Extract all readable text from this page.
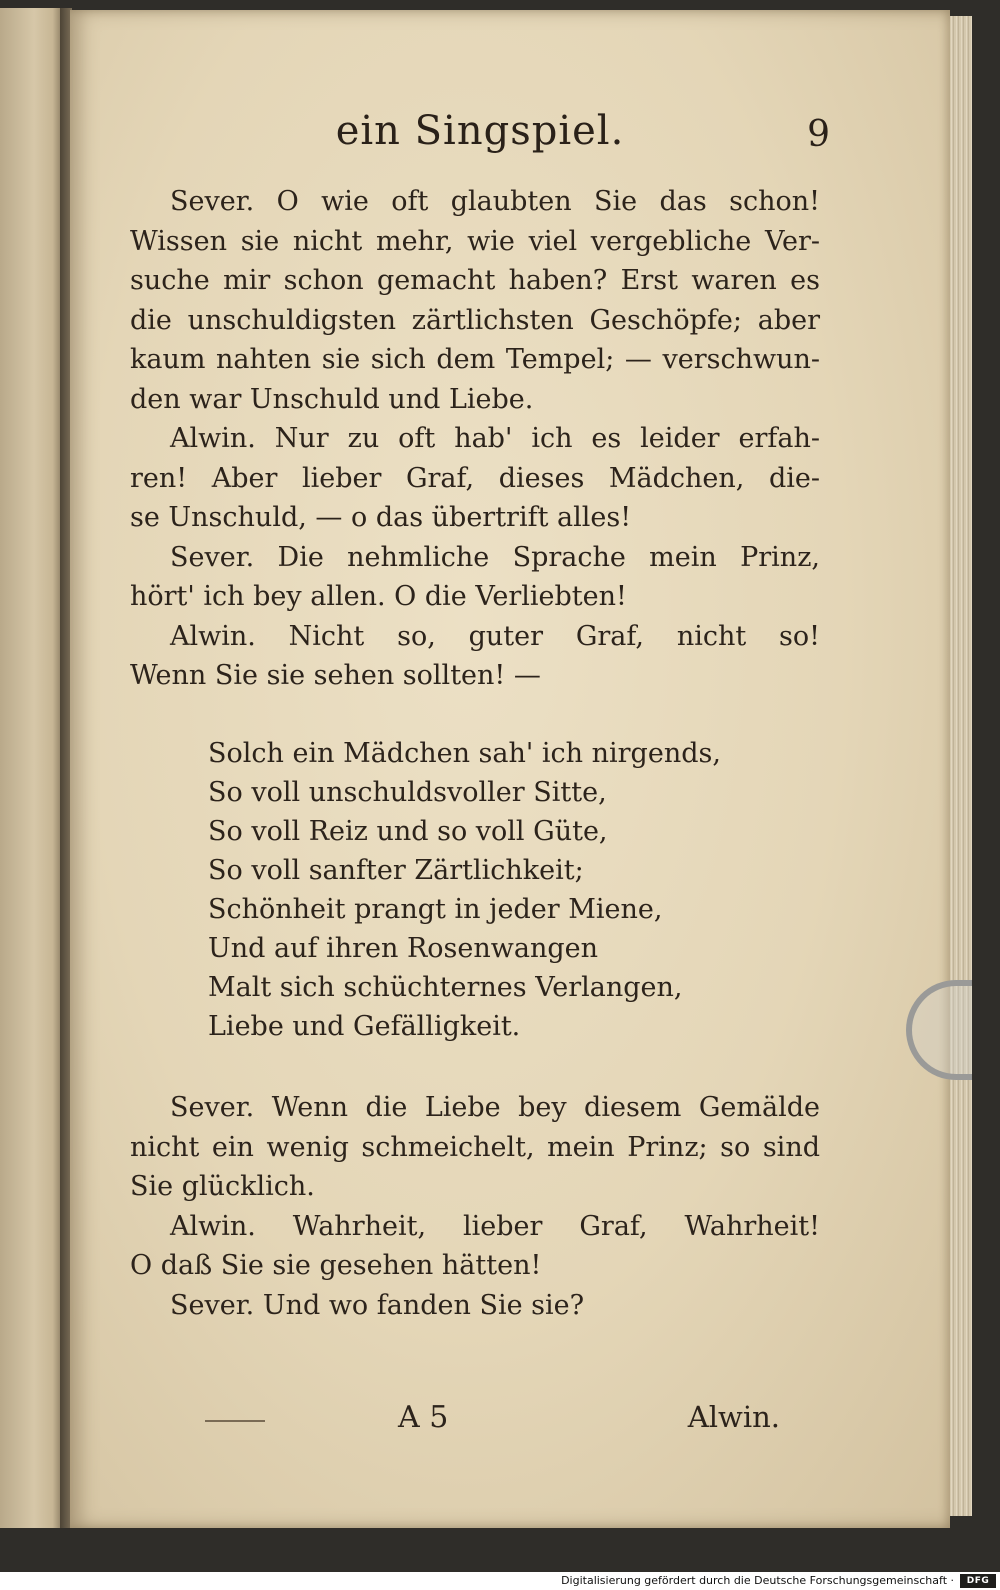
ein Singspiel.	9
Sever. O wie oft glaubten Sie das schon!
Wissen sie nicht mehr, wie viel vergebliche Ver-
suche mir schon gemacht haben? Erst waren es
die unschuldigsten zärtlichsten Geschöpfe; aber
kaum nahten sie sich dem Tempel; — verschwun-
den war Unschuld und Liebe.
Alwin. Nur zu oft hab' ich es leider erfah-
ren! Aber lieber Graf, dieses Mädchen, die-
se Unschuld, — o das übertrift alles!
Sever. Die nehmliche Sprache mein Prinz,
hört' ich bey allen. O die Verliebten!
Alwin. Nicht so, guter Graf, nicht so!
Wenn Sie sie sehen sollten! —
Solch ein Mädchen sah' ich nirgends,
So voll unschuldsvoller Sitte,
So voll Reiz und so voll Güte,
So voll sanfter Zärtlichkeit;
Schönheit prangt in jeder Miene,
Und auf ihren Rosenwangen
Malt sich schüchternes Verlangen,
Liebe und Gefälligkeit.
Sever. Wenn die Liebe bey diesem Gemälde
nicht ein wenig schmeichelt, mein Prinz; so sind
Sie glücklich.
Alwin. Wahrheit, lieber Graf, Wahrheit!
O daß Sie sie gesehen hätten!
Sever. Und wo fanden Sie sie?
A 5	Alwin.
Digitalisierung gefördert durch die Deutsche Forschungsgemeinschaft ·	DFG
